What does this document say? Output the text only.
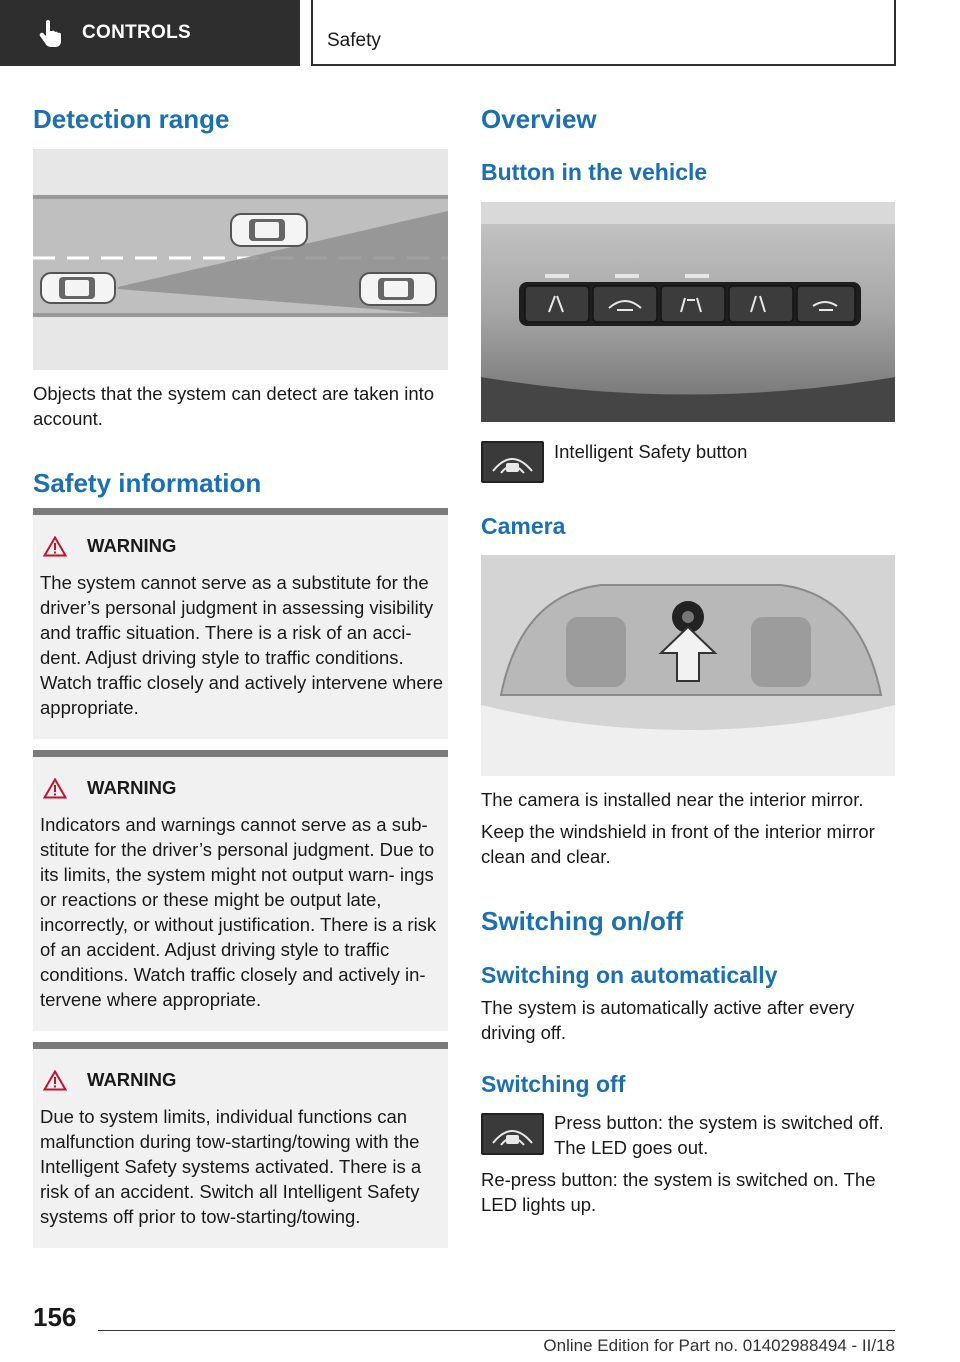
CONTROLS	Safety
Detection range

Objects that the system can detect are taken into account.

Safety information
WARNING
The system cannot serve as a substitute for the driver’s personal judgment in assessing visibility and traffic situation. There is a risk of an acci‐ dent. Adjust driving style to traffic conditions. Watch traffic closely and actively intervene where appropriate.
WARNING
Indicators and warnings cannot serve as a sub‐ stitute for the driver’s personal judgment. Due to its limits, the system might not output warn‐ ings or reactions or these might be output late, incorrectly, or without justification. There is a risk of an accident. Adjust driving style to traffic conditions. Watch traffic closely and actively in‐ tervene where appropriate.
WARNING
Due to system limits, individual functions can malfunction during tow-starting/towing with the Intelligent Safety systems activated. There is a risk of an accident. Switch all Intelligent Safety systems off prior to tow-starting/towing.
Overview
Button in the vehicle

Intelligent Safety button

Camera

The camera is installed near the interior mirror.

Keep the windshield in front of the interior mirror clean and clear.

Switching on/off
Switching on automatically

The system is automatically active after every driving off.

Switching off

Press button: the system is switched off. The LED goes out.

Re-press button: the system is switched on. The LED lights up.

156
Online Edition for Part no. 01402988494 - II/18
